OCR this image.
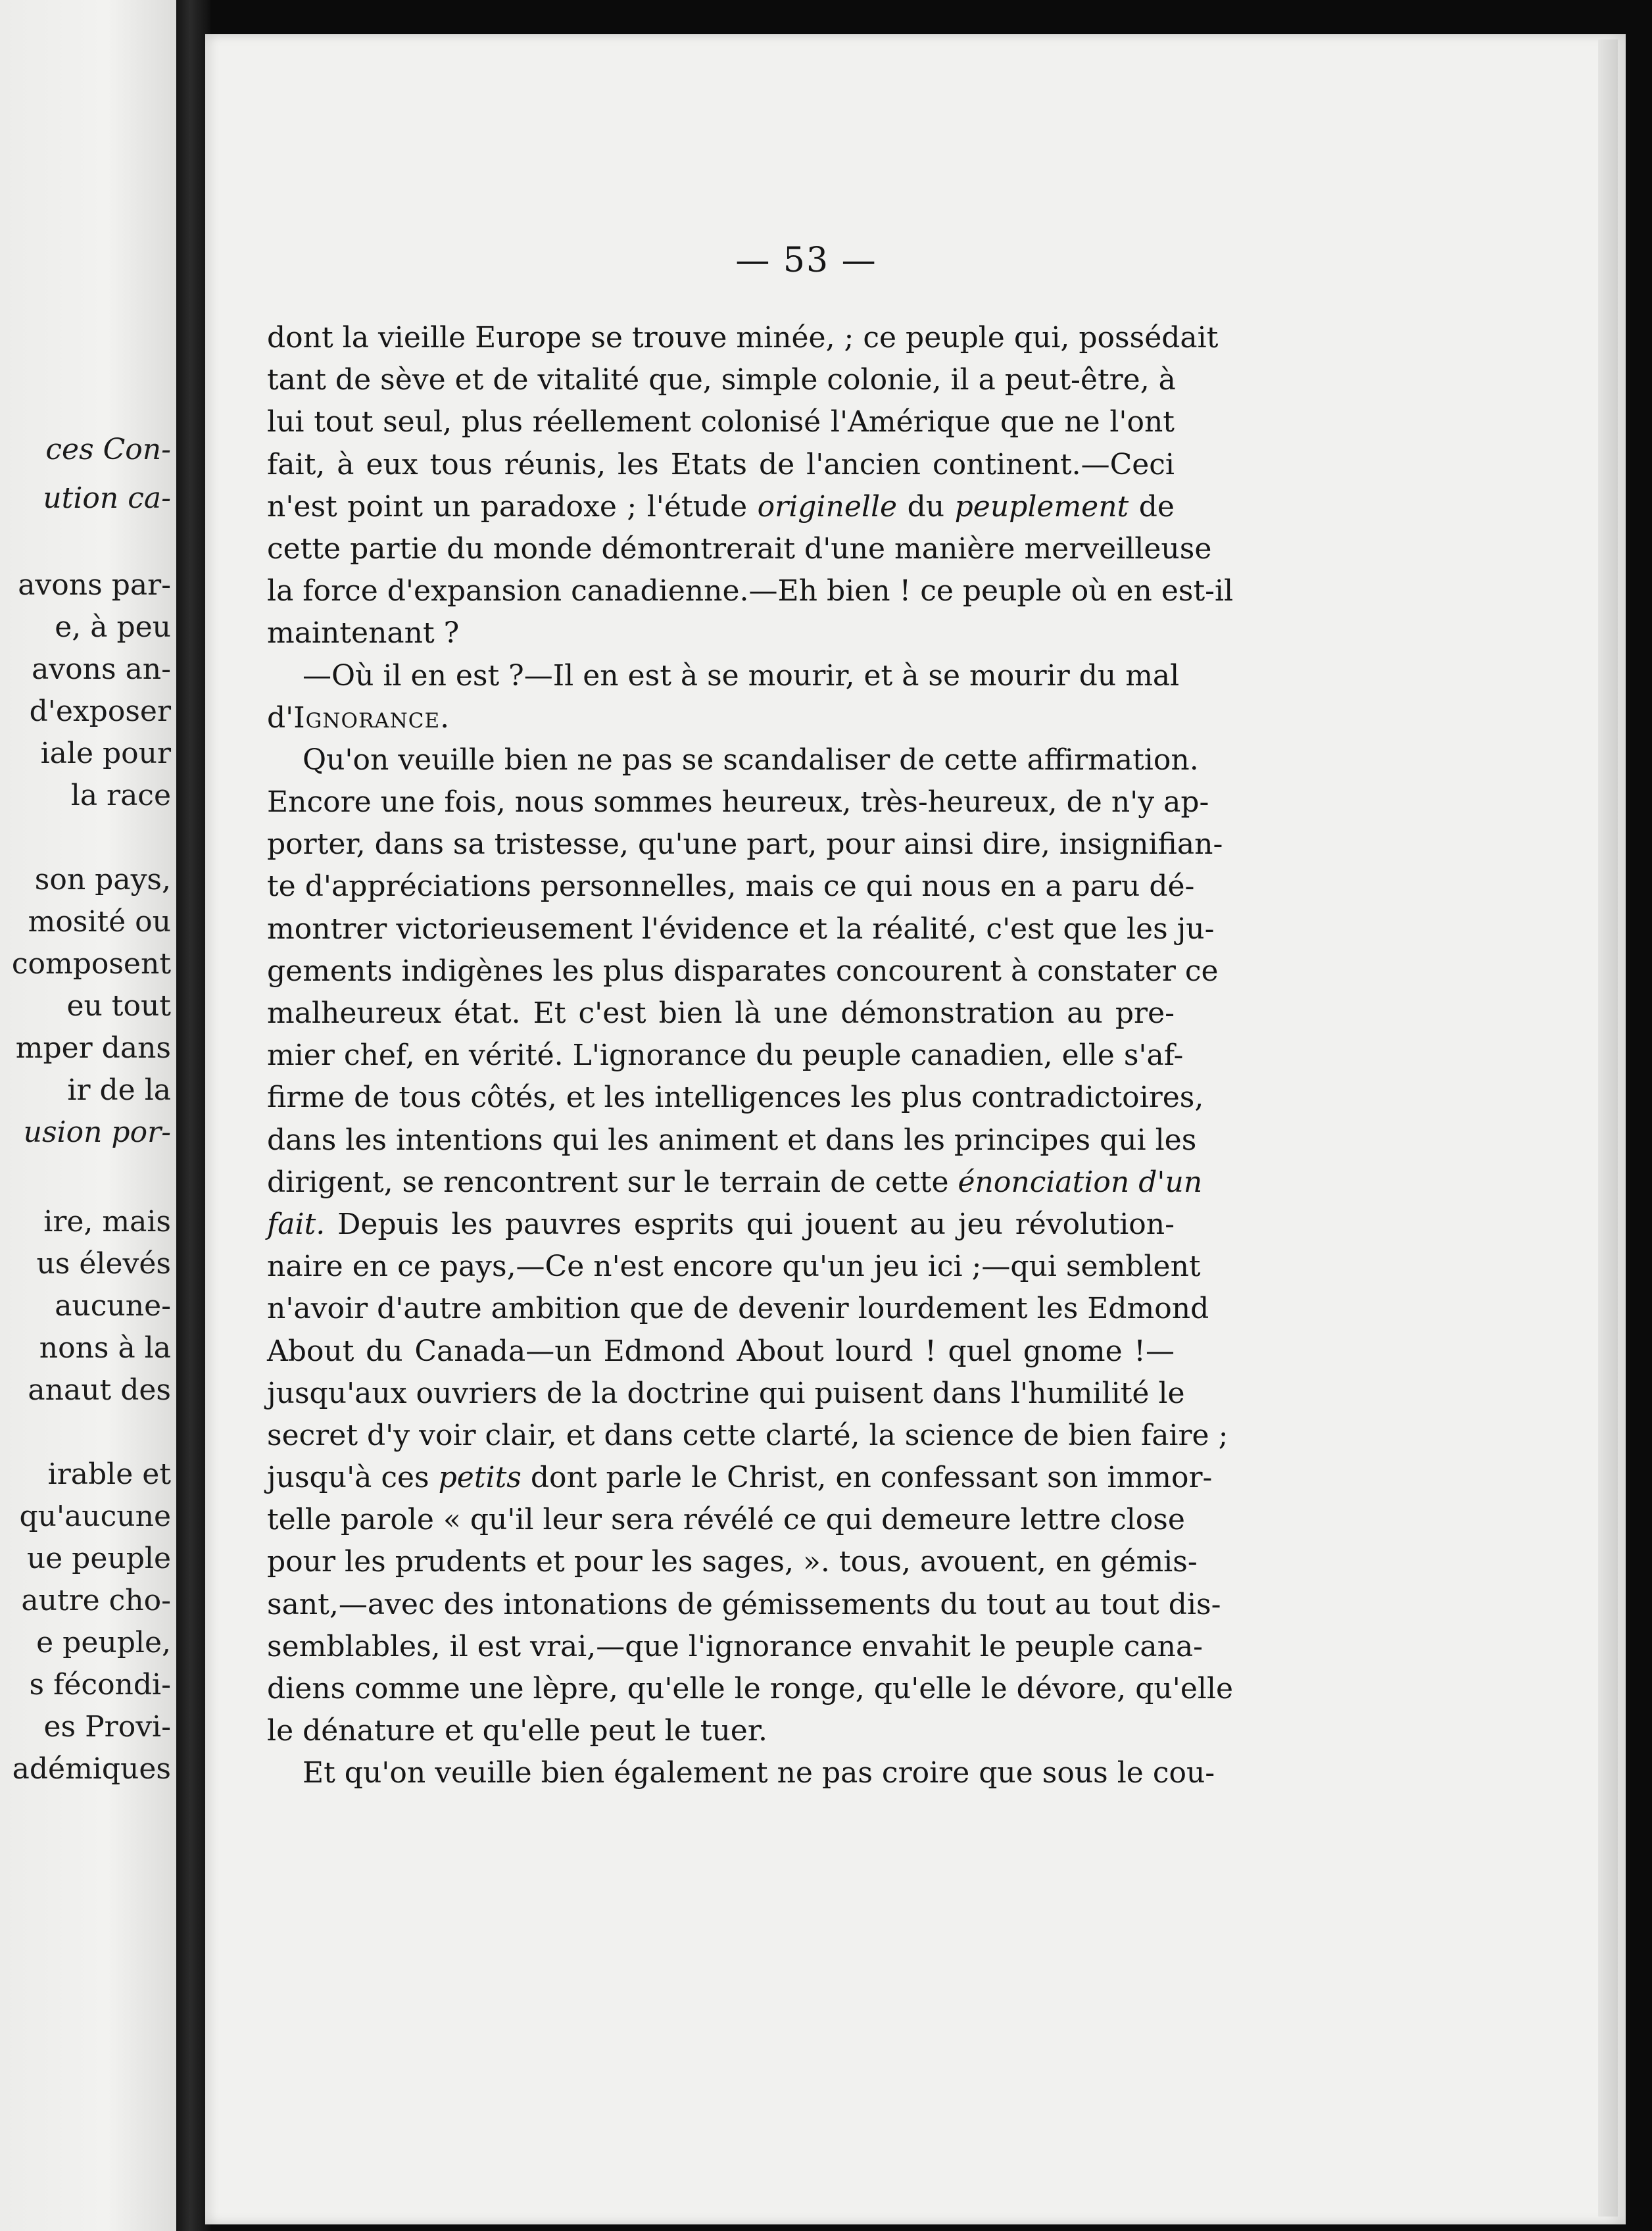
ces Con-
ution ca-
avons par-
e, à peu
avons an-
d'exposer
iale pour
la race
son pays,
mosité ou
composent
eu tout
mper dans
ir de la
usion por-
ire, mais
us élevés
aucune-
nons à la
anaut des
irable et
qu'aucune
ue peuple
autre cho-
e peuple,
s fécondi-
es Provi-
adémiques
— 53 —
dont la vieille Europe se trouve minée, ; ce peuple qui, possédait
tant de sève et de vitalité que, simple colonie, il a peut-être, à
lui tout seul, plus réellement colonisé l'Amérique que ne l'ont
fait, à eux tous réunis, les Etats de l'ancien continent.—Ceci
n'est point un paradoxe ; l'étude originelle du peuplement de
cette partie du monde démontrerait d'une manière merveilleuse
la force d'expansion canadienne.—Eh bien ! ce peuple où en est-il
maintenant ?
—Où il en est ?—Il en est à se mourir, et à se mourir du mal
d'Ignorance.
Qu'on veuille bien ne pas se scandaliser de cette affirmation.
Encore une fois, nous sommes heureux, très-heureux, de n'y ap-
porter, dans sa tristesse, qu'une part, pour ainsi dire, insignifian-
te d'appréciations personnelles, mais ce qui nous en a paru dé-
montrer victorieusement l'évidence et la réalité, c'est que les ju-
gements indigènes les plus disparates concourent à constater ce
malheureux état. Et c'est bien là une démonstration au pre-
mier chef, en vérité. L'ignorance du peuple canadien, elle s'af-
firme de tous côtés, et les intelligences les plus contradictoires,
dans les intentions qui les animent et dans les principes qui les
dirigent, se rencontrent sur le terrain de cette énonciation d'un
fait. Depuis les pauvres esprits qui jouent au jeu révolution-
naire en ce pays,—Ce n'est encore qu'un jeu ici ;—qui semblent
n'avoir d'autre ambition que de devenir lourdement les Edmond
About du Canada—un Edmond About lourd ! quel gnome !—
jusqu'aux ouvriers de la doctrine qui puisent dans l'humilité le
secret d'y voir clair, et dans cette clarté, la science de bien faire ;
jusqu'à ces petits dont parle le Christ, en confessant son immor-
telle parole « qu'il leur sera révélé ce qui demeure lettre close
pour les prudents et pour les sages, ». tous, avouent, en gémis-
sant,—avec des intonations de gémissements du tout au tout dis-
semblables, il est vrai,—que l'ignorance envahit le peuple cana-
diens comme une lèpre, qu'elle le ronge, qu'elle le dévore, qu'elle
le dénature et qu'elle peut le tuer.
Et qu'on veuille bien également ne pas croire que sous le cou-
